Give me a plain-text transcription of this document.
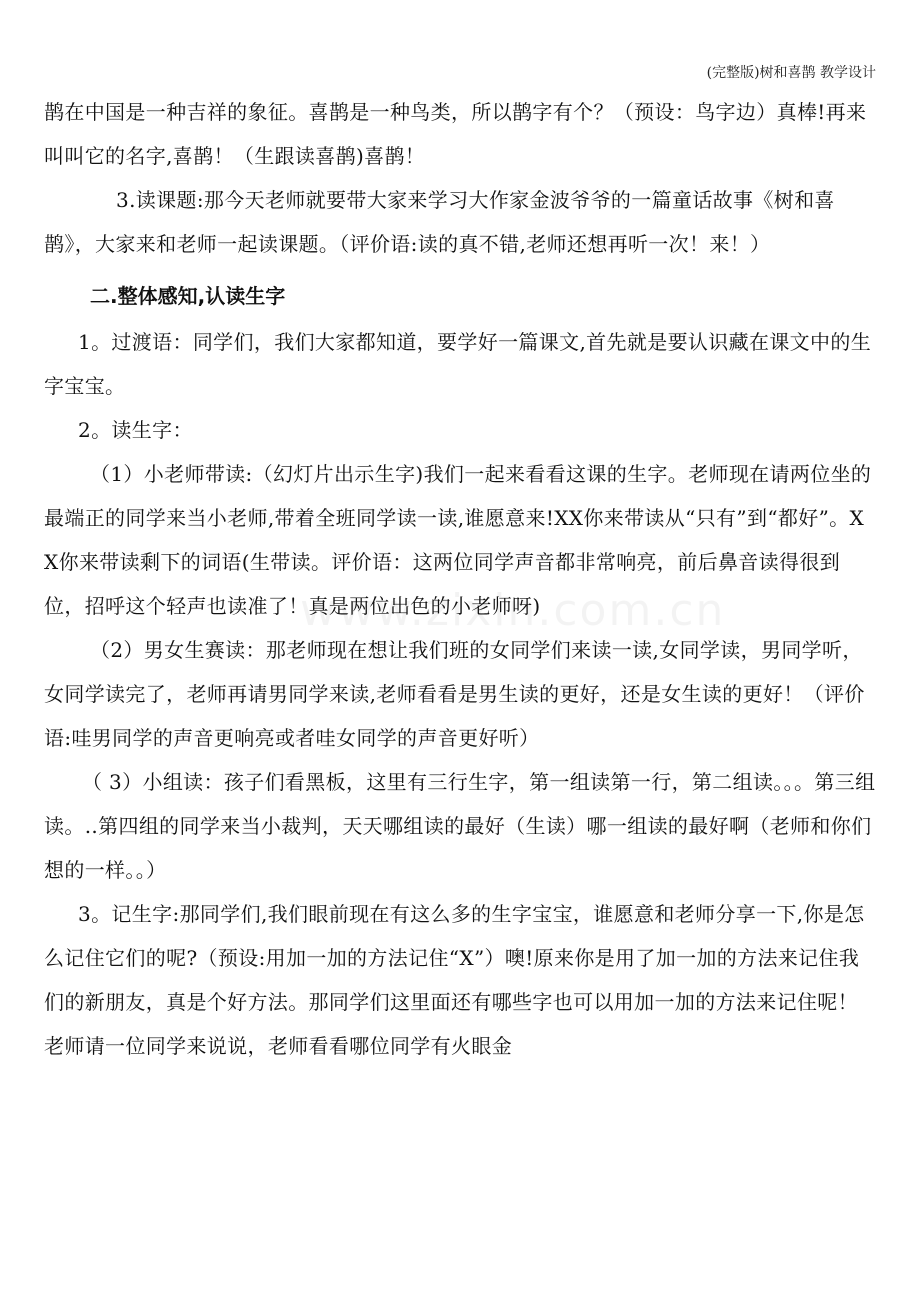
(完整版)树和喜鹊 教学设计

鹊在中国是一种吉祥的象征。喜鹊是一种鸟类，所以鹊字有个？（预设：鸟字边）真棒!再来叫叫它的名字,喜鹊！（生跟读喜鹊)喜鹊！

3.读课题:那今天老师就要带大家来学习大作家金波爷爷的一篇童话故事《树和喜鹊》，大家来和老师一起读课题。（评价语:读的真不错,老师还想再听一次！来！）

二.整体感知,认读生字

1。过渡语：同学们，我们大家都知道，要学好一篇课文,首先就是要认识藏在课文中的生字宝宝。

2。读生字：

（1）小老师带读:（幻灯片出示生字)我们一起来看看这课的生字。老师现在请两位坐的最端正的同学来当小老师,带着全班同学读一读,谁愿意来!XX你来带读从“只有”到“都好”。XX你来带读剩下的词语(生带读。评价语：这两位同学声音都非常响亮，前后鼻音读得很到位，招呼这个轻声也读准了！真是两位出色的小老师呀)

（2）男女生赛读：那老师现在想让我们班的女同学们来读一读,女同学读，男同学听，女同学读完了，老师再请男同学来读,老师看看是男生读的更好，还是女生读的更好！（评价语:哇男同学的声音更响亮或者哇女同学的声音更好听）

（ 3）小组读：孩子们看黑板，这里有三行生字，第一组读第一行，第二组读。。。第三组读。..第四组的同学来当小裁判，天天哪组读的最好（生读）哪一组读的最好啊（老师和你们想的一样。。）

3。记生字:那同学们,我们眼前现在有这么多的生字宝宝，谁愿意和老师分享一下,你是怎么记住它们的呢?（预设:用加一加的方法记住“X”）噢!原来你是用了加一加的方法来记住我们的新朋友，真是个好方法。那同学们这里面还有哪些字也可以用加一加的方法来记住呢！老师请一位同学来说说，老师看看哪位同学有火眼金
